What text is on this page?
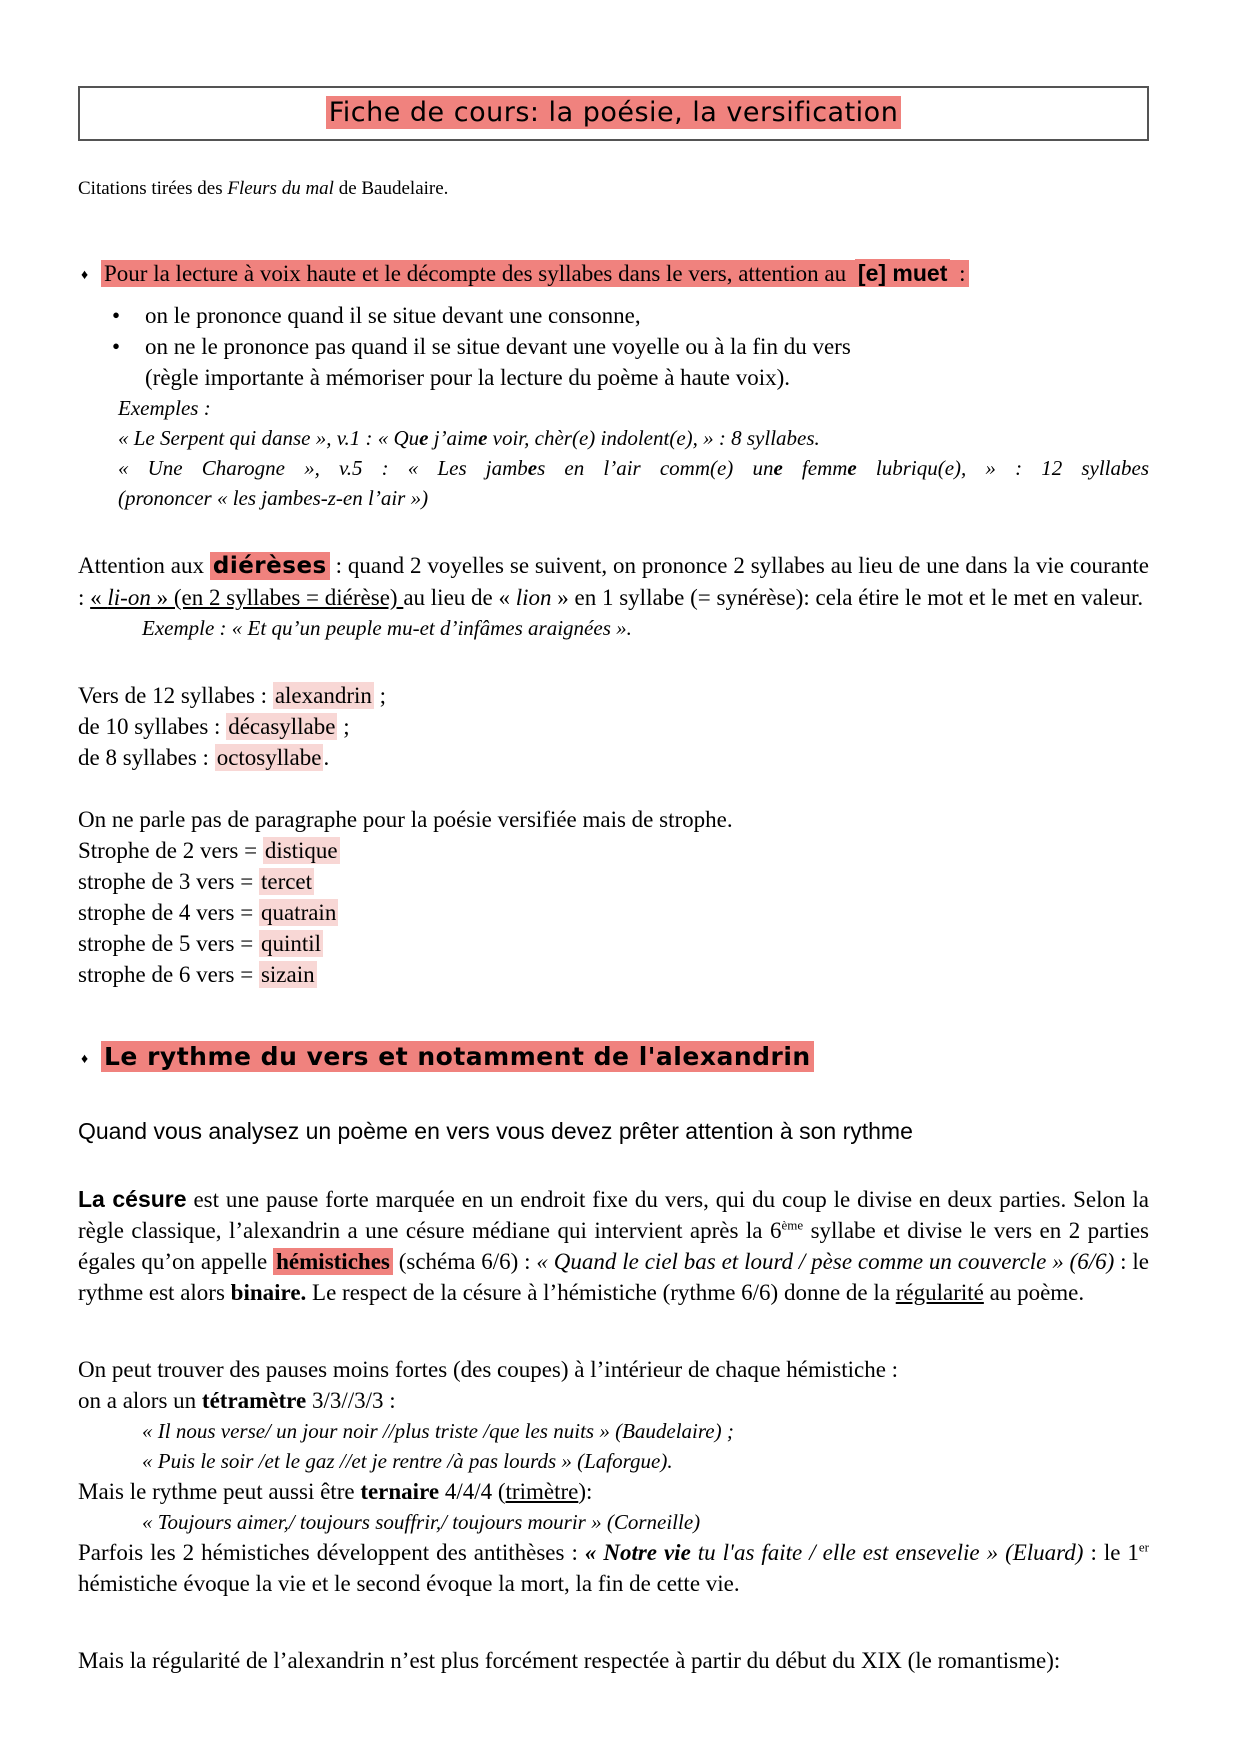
Fiche de cours: la poésie, la versification
Citations tirées des Fleurs du mal de Baudelaire.
♦ Pour la lecture à voix haute et le décompte des syllabes dans le vers, attention au [e] muet :
• on le prononce quand il se situe devant une consonne,
• on ne le prononce pas quand il se situe devant une voyelle ou à la fin du vers
(règle importante à mémoriser pour la lecture du poème à haute voix).
Exemples :
« Le Serpent qui danse », v.1 : « Que j’aime voir, chèr(e) indolent(e), » : 8 syllabes.
« Une Charogne », v.5 : « Les jambes en l’air comm(e) une femme lubriqu(e), » : 12 syllabes
(prononcer « les jambes-z-en l’air »)
Attention aux diérèses : quand 2 voyelles se suivent, on prononce 2 syllabes au lieu de une dans la vie courante : « li-on » (en 2 syllabes = diérèse) au lieu de « lion » en 1 syllabe (= synérèse): cela étire le mot et le met en valeur.
Exemple : « Et qu’un peuple mu-et d’infâmes araignées ».
Vers de 12 syllabes : alexandrin ;
de 10 syllabes : décasyllabe ;
de 8 syllabes : octosyllabe.
On ne parle pas de paragraphe pour la poésie versifiée mais de strophe.
Strophe de 2 vers = distique
strophe de 3 vers = tercet
strophe de 4 vers = quatrain
strophe de 5 vers = quintil
strophe de 6 vers = sizain
♦ Le rythme du vers et notamment de l'alexandrin
Quand vous analysez un poème en vers vous devez prêter attention à son rythme
La césure est une pause forte marquée en un endroit fixe du vers, qui du coup le divise en deux parties. Selon la règle classique, l’alexandrin a une césure médiane qui intervient après la 6ème syllabe et divise le vers en 2 parties égales qu’on appelle hémistiches (schéma 6/6) : « Quand le ciel bas et lourd / pèse comme un couvercle » (6/6) : le rythme est alors binaire. Le respect de la césure à l’hémistiche (rythme 6/6) donne de la régularité au poème.
On peut trouver des pauses moins fortes (des coupes) à l’intérieur de chaque hémistiche :
on a alors un tétramètre 3/3//3/3 :
« Il nous verse/ un jour noir //plus triste /que les nuits » (Baudelaire) ;
« Puis le soir /et le gaz //et je rentre /à pas lourds » (Laforgue).
Mais le rythme peut aussi être ternaire 4/4/4 (trimètre):
« Toujours aimer,/ toujours souffrir,/ toujours mourir » (Corneille)
Parfois les 2 hémistiches développent des antithèses : « Notre vie tu l'as faite / elle est ensevelie » (Eluard) : le 1er hémistiche évoque la vie et le second évoque la mort, la fin de cette vie.
Mais la régularité de l’alexandrin n’est plus forcément respectée à partir du début du XIX (le romantisme):
